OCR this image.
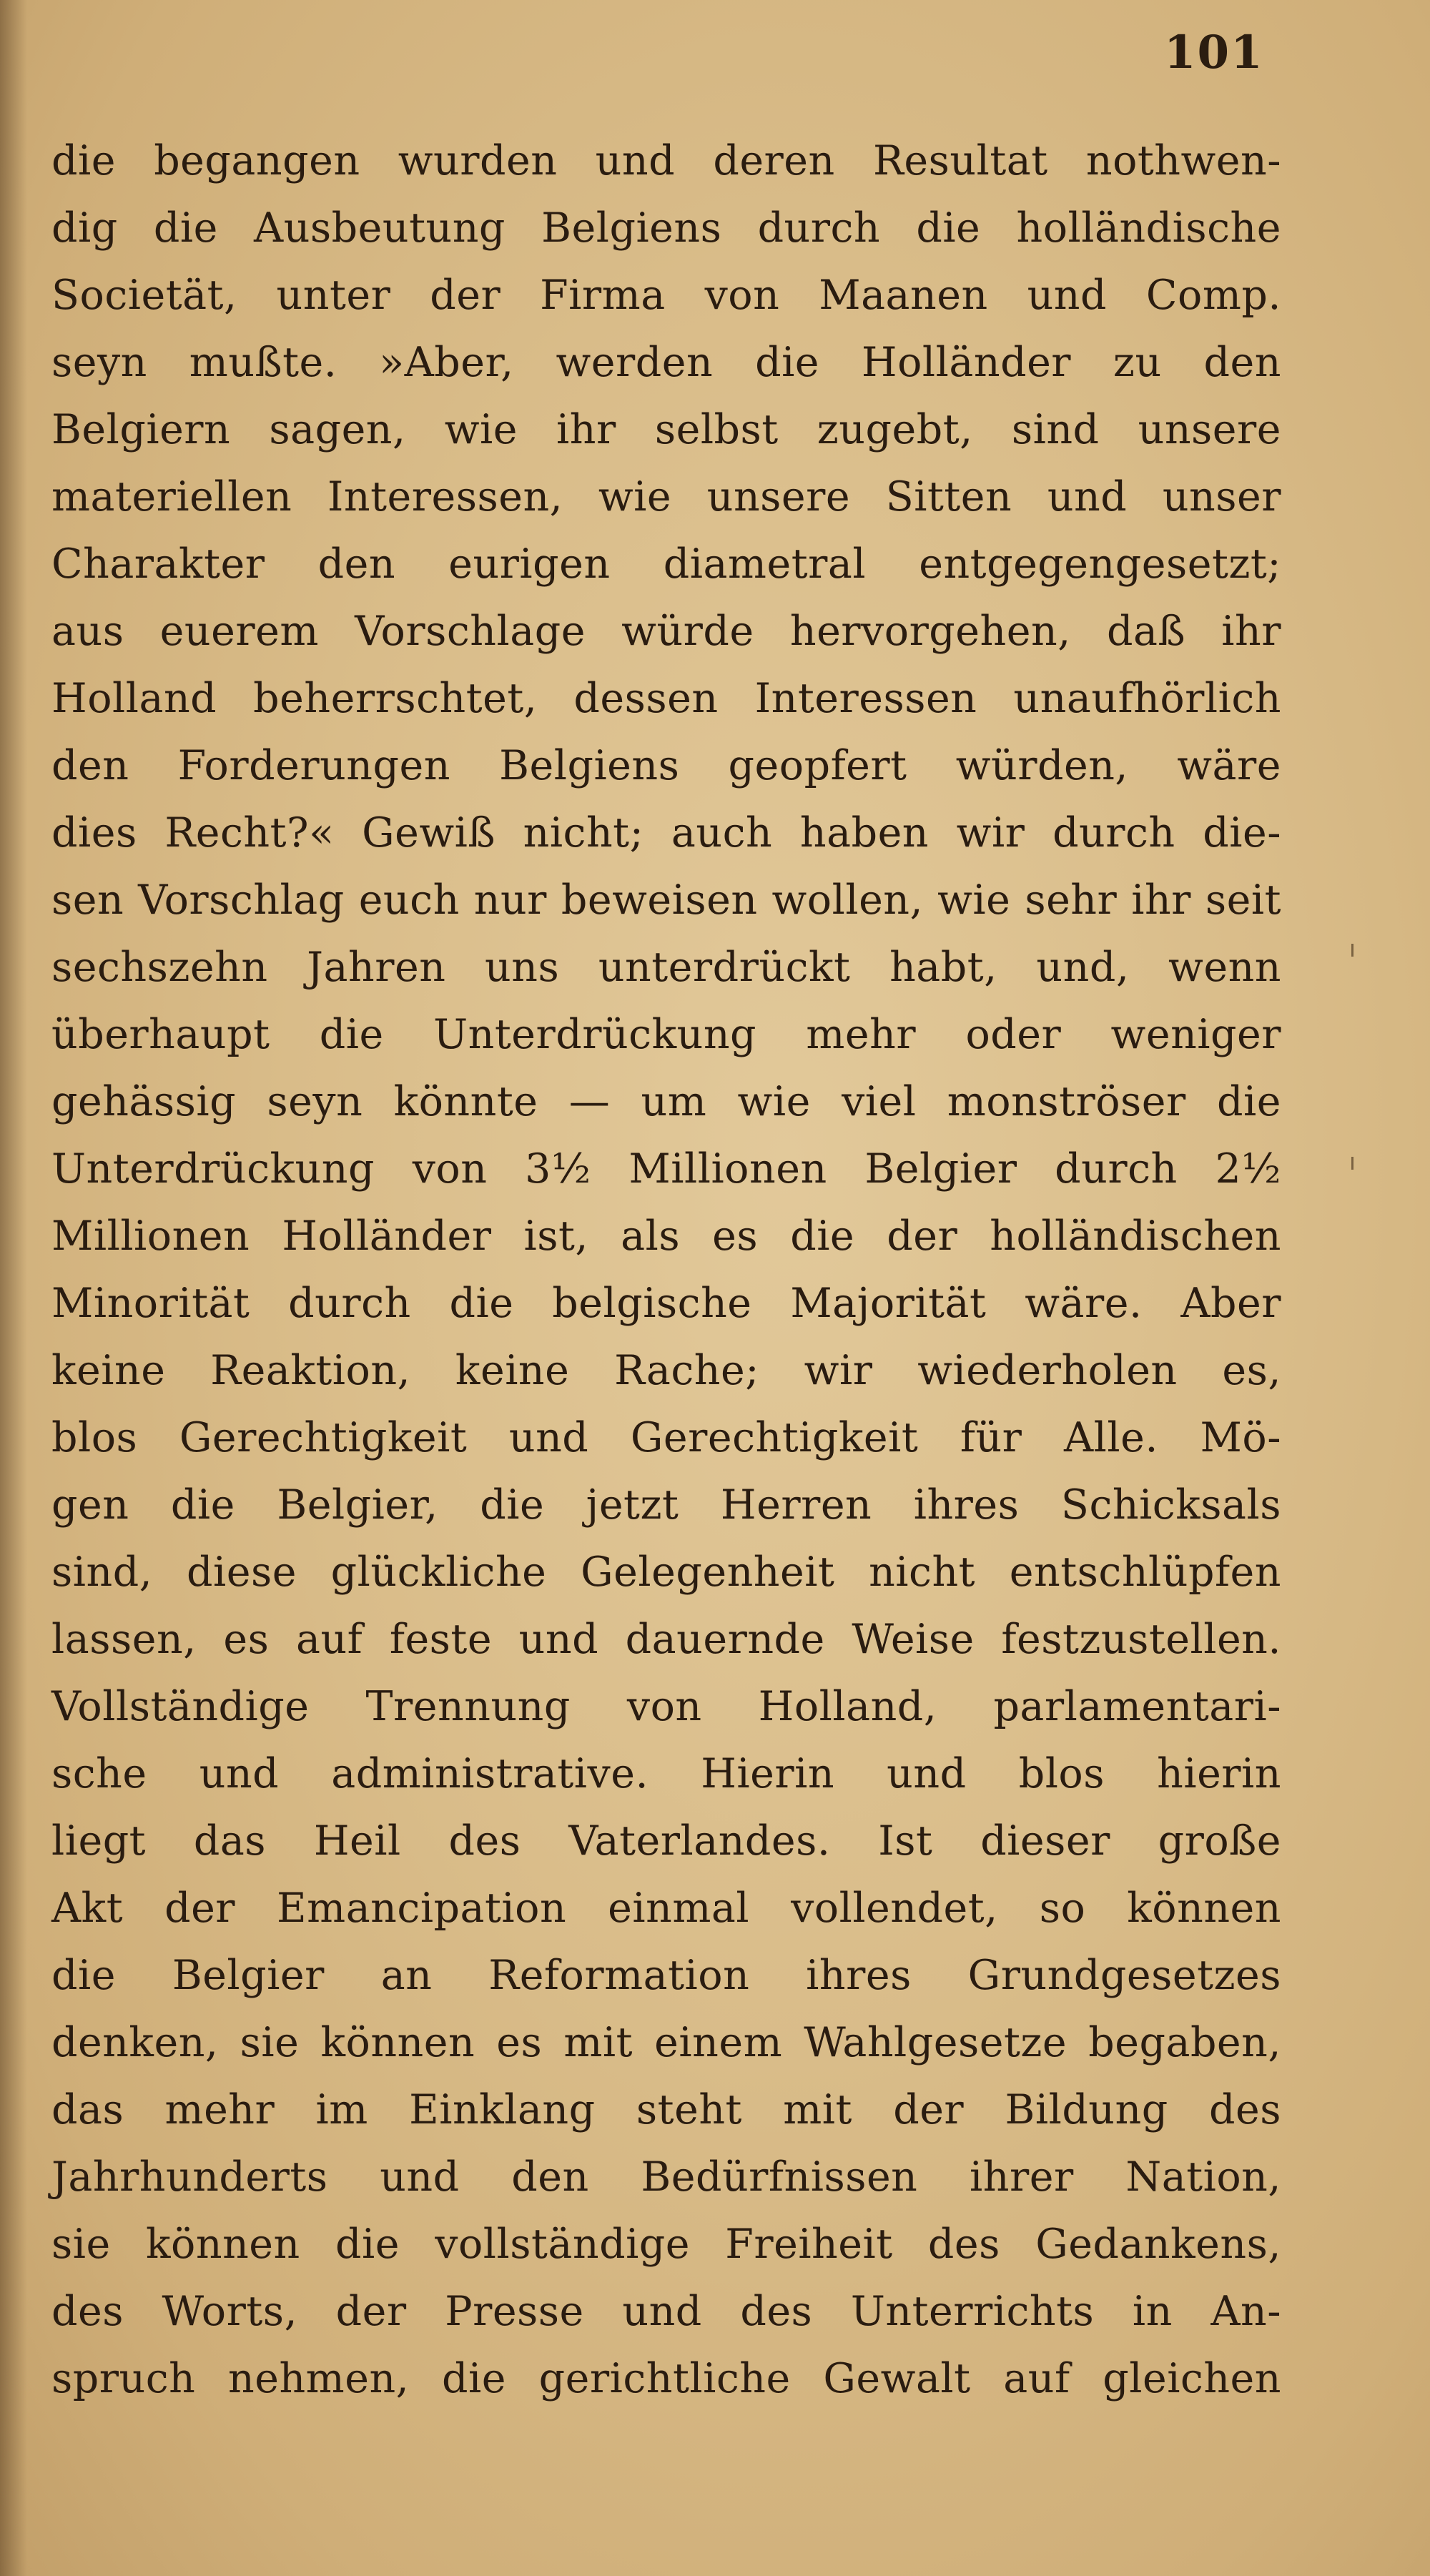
101
die begangen wurden und deren Resultat nothwen-
dig die Ausbeutung Belgiens durch die holländische
Societät, unter der Firma von Maanen und Comp.
seyn mußte. »Aber, werden die Holländer zu den
Belgiern sagen, wie ihr selbst zugebt, sind unsere
materiellen Interessen, wie unsere Sitten und unser
Charakter den eurigen diametral entgegengesetzt;
aus euerem Vorschlage würde hervorgehen, daß ihr
Holland beherrschtet, dessen Interessen unaufhörlich
den Forderungen Belgiens geopfert würden, wäre
dies Recht?« Gewiß nicht; auch haben wir durch die-
sen Vorschlag euch nur beweisen wollen, wie sehr ihr seit
sechszehn Jahren uns unterdrückt habt, und, wenn
überhaupt die Unterdrückung mehr oder weniger
gehässig seyn könnte — um wie viel monströser die
Unterdrückung von 3½ Millionen Belgier durch 2½
Millionen Holländer ist, als es die der holländischen
Minorität durch die belgische Majorität wäre. Aber
keine Reaktion, keine Rache; wir wiederholen es,
blos Gerechtigkeit und Gerechtigkeit für Alle. Mö-
gen die Belgier, die jetzt Herren ihres Schicksals
sind, diese glückliche Gelegenheit nicht entschlüpfen
lassen, es auf feste und dauernde Weise festzustellen.
Vollständige Trennung von Holland, parlamentari-
sche und administrative. Hierin und blos hierin
liegt das Heil des Vaterlandes. Ist dieser große
Akt der Emancipation einmal vollendet, so können
die Belgier an Reformation ihres Grundgesetzes
denken, sie können es mit einem Wahlgesetze begaben,
das mehr im Einklang steht mit der Bildung des
Jahrhunderts und den Bedürfnissen ihrer Nation,
sie können die vollständige Freiheit des Gedankens,
des Worts, der Presse und des Unterrichts in An-
spruch nehmen, die gerichtliche Gewalt auf gleichen
